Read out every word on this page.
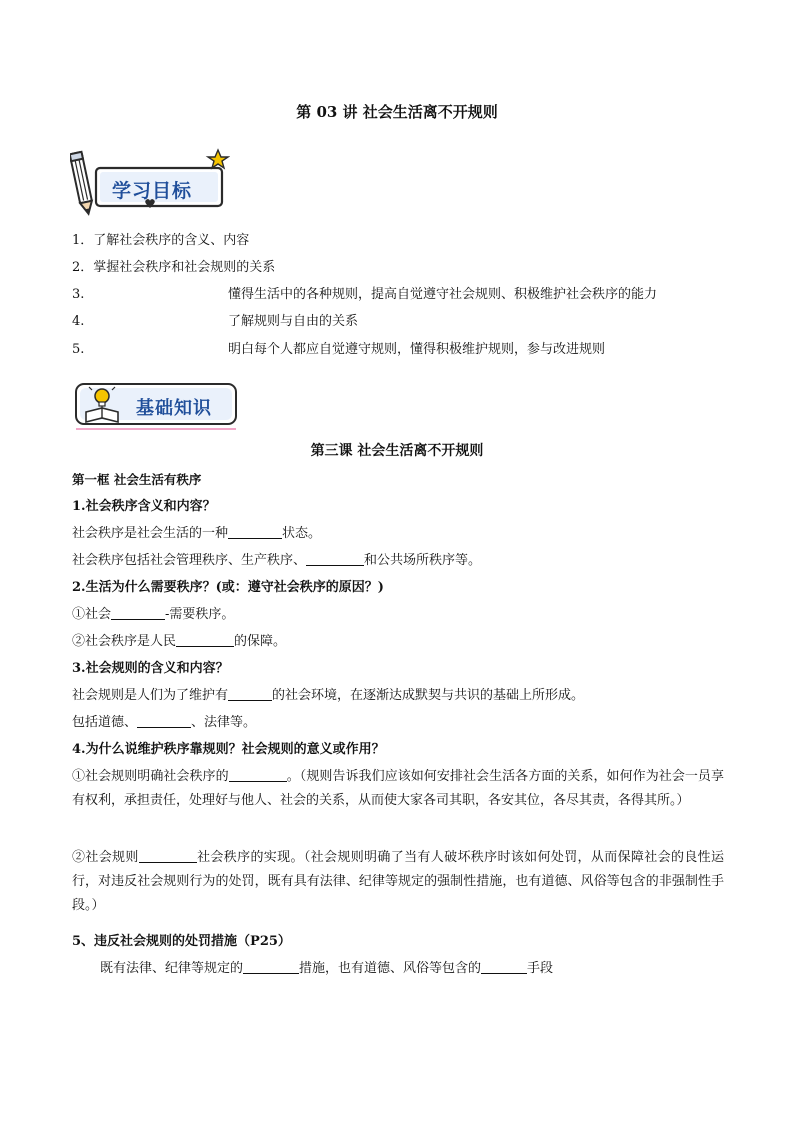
第 03 讲 社会生活离不开规则
学习目标
1．了解社会秩序的含义、内容
2．掌握社会秩序和社会规则的关系
3.	懂得生活中的各种规则，提高自觉遵守社会规则、积极维护社会秩序的能力
4.	了解规则与自由的关系
5.	明白每个人都应自觉遵守规则，懂得积极维护规则，参与改进规则
基础知识
第三课 社会生活离不开规则
第一框 社会生活有秩序
1.社会秩序含义和内容？
社会秩序是社会生活的一种	状态。
社会秩序包括社会管理秩序、生产秩序、	和公共场所秩序等。
2.生活为什么需要秩序？(或：遵守社会秩序的原因？)
①社会	-需要秩序。
②社会秩序是人民	的保障。
3.社会规则的含义和内容？
社会规则是人们为了维护有	的社会环境，在逐渐达成默契与共识的基础上所形成。
包括道德、	、法律等。
4.为什么说维护秩序靠规则？社会规则的意义或作用？
①社会规则明确社会秩序的	。（规则告诉我们应该如何安排社会生活各方面的关系，如何作为社会一员享有权利，承担责任，处理好与他人、社会的关系，从而使大家各司其职，各安其位，各尽其责，各得其所。）
②社会规则	社会秩序的实现。（社会规则明确了当有人破坏秩序时该如何处罚，从而保障社会的良性运行，对违反社会规则行为的处罚，既有具有法律、纪律等规定的强制性措施，也有道德、风俗等包含的非强制性手段。）
5、违反社会规则的处罚措施（P25）
既有法律、纪律等规定的	措施，也有道德、风俗等包含的	手段
